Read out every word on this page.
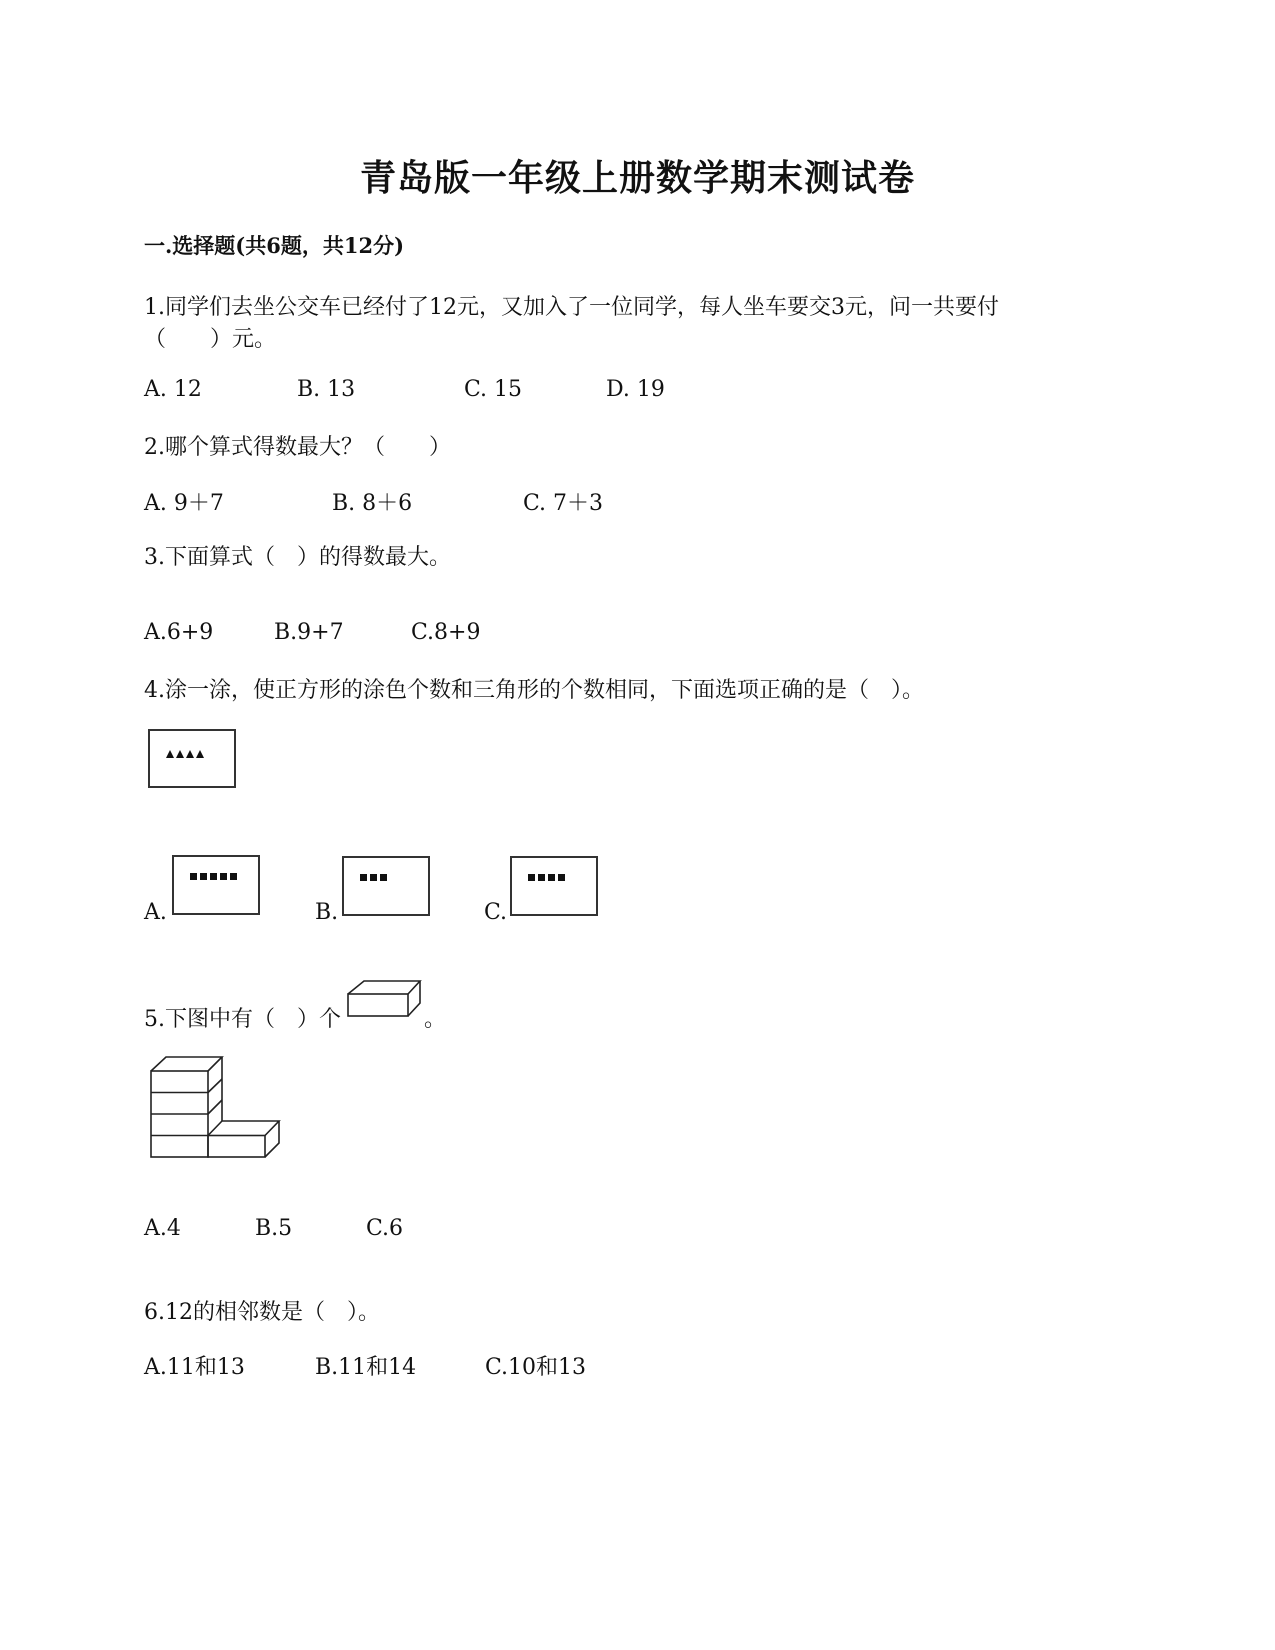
青岛版一年级上册数学期末测试卷
一.选择题(共6题，共12分)
1.同学们去坐公交车已经付了12元，又加入了一位同学，每人坐车要交3元，问一共要付
（　　）元。
A. 12	B. 13	C. 15	D. 19
2.哪个算式得数最大？（　　）
A. 9＋7	B. 8＋6	C. 7＋3
3.下面算式（　）的得数最大。
A.6+9	B.9+7	C.8+9
4.涂一涂，使正方形的涂色个数和三角形的个数相同，下面选项正确的是（　）。
A.	B.	C.
5.下图中有（　）个	。
A.4	B.5	C.6
6.12的相邻数是（　）。
A.11和13	B.11和14	C.10和13
